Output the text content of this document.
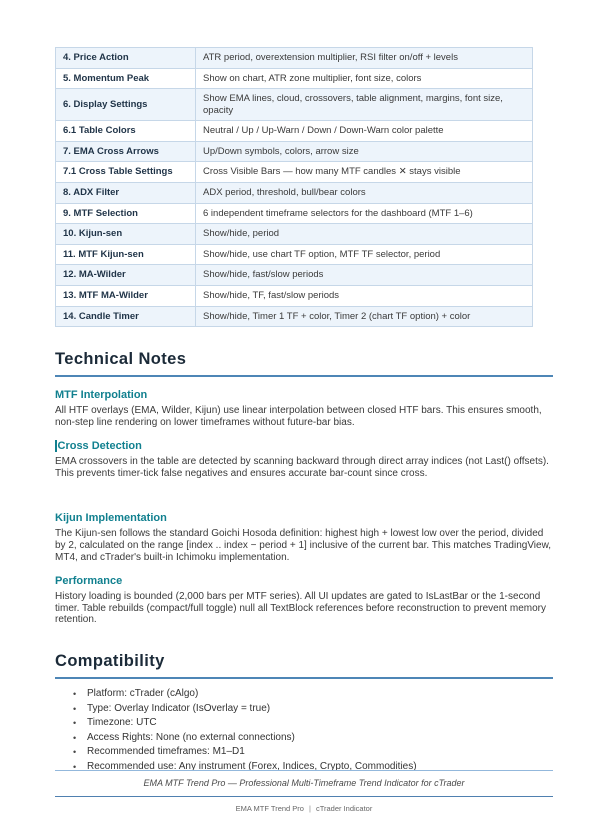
4. Price Action	ATR period, overextension multiplier, RSI filter on/off + levels
5. Momentum Peak	Show on chart, ATR zone multiplier, font size, colors
6. Display Settings	Show EMA lines, cloud, crossovers, table alignment, margins, font size, opacity
6.1 Table Colors	Neutral / Up / Up-Warn / Down / Down-Warn color palette
7. EMA Cross Arrows	Up/Down symbols, colors, arrow size
7.1 Cross Table Settings	Cross Visible Bars — how many MTF candles ✕ stays visible
8. ADX Filter	ADX period, threshold, bull/bear colors
9. MTF Selection	6 independent timeframe selectors for the dashboard (MTF 1–6)
10. Kijun-sen	Show/hide, period
11. MTF Kijun-sen	Show/hide, use chart TF option, MTF TF selector, period
12. MA-Wilder	Show/hide, fast/slow periods
13. MTF MA-Wilder	Show/hide, TF, fast/slow periods
14. Candle Timer	Show/hide, Timer 1 TF + color, Timer 2 (chart TF option) + color
Technical Notes
MTF Interpolation

All HTF overlays (EMA, Wilder, Kijun) use linear interpolation between closed HTF bars. This ensures smooth, non-step line rendering on lower timeframes without future-bar bias.

Cross Detection

EMA crossovers in the table are detected by scanning backward through direct array indices (not Last() offsets). This prevents timer-tick false negatives and ensures accurate bar-count since cross.

Kijun Implementation

The Kijun-sen follows the standard Goichi Hosoda definition: highest high + lowest low over the period, divided by 2, calculated on the range [index .. index − period + 1] inclusive of the current bar. This matches TradingView, MT4, and cTrader's built-in Ichimoku implementation.

Performance

History loading is bounded (2,000 bars per MTF series). All UI updates are gated to IsLastBar or the 1-second timer. Table rebuilds (compact/full toggle) null all TextBlock references before reconstruction to prevent memory retention.

Compatibility
•	Platform: cTrader (cAlgo)
•	Type: Overlay Indicator (IsOverlay = true)
•	Timezone: UTC
•	Access Rights: None (no external connections)
•	Recommended timeframes: M1–D1
•	Recommended use: Any instrument (Forex, Indices, Crypto, Commodities)
EMA MTF Trend Pro — Professional Multi-Timeframe Trend Indicator for cTrader
EMA MTF Trend Pro | cTrader Indicator
